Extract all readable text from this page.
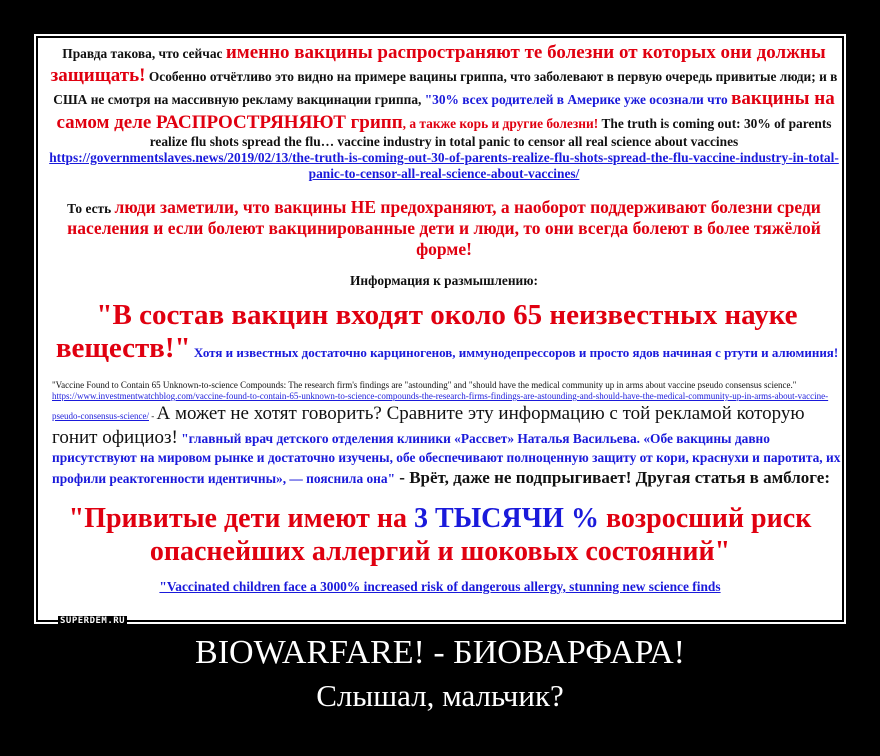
Правда такова, что сейчас именно вакцины распространяют те болезни от которых они должны защищать! Особенно отчётливо это видно на примере вацины гриппа, что заболевают в первую очередь привитые люди; и в США не смотря на массивную рекламу вакцинации гриппа, "30% всех родителей в Америке уже осознали что вакцины на самом деле РАСПРОСТРЯНЯЮТ грипп, а также корь и другие болезни! The truth is coming out: 30% of parents realize flu shots spread the flu… vaccine industry in total panic to censor all real science about vaccines https://governmentslaves.news/2019/02/13/the-truth-is-coming-out-30-of-parents-realize-flu-shots-spread-the-flu-vaccine-industry-in-total-panic-to-censor-all-real-science-about-vaccines/

То есть люди заметили, что вакцины НЕ предохраняют, а наоборот поддерживают болезни среди населения и если болеют вакцинированные дети и люди, то они всегда болеют в более тяжёлой форме!

Информация к размышлению:

"В состав вакцин входят около 65 неизвестных науке веществ!" Хотя и известных достаточно карциногенов, иммунодепрессоров и просто ядов начиная с ртути и алюминия!

"Vaccine Found to Contain 65 Unknown-to-science Compounds: The research firm's findings are "astounding" and "should have the medical community up in arms about vaccine pseudo consensus science." https://www.investmentwatchblog.com/vaccine-found-to-contain-65-unknown-to-science-compounds-the-research-firms-findings-are-astounding-and-should-have-the-medical-community-up-in-arms-about-vaccine-pseudo-consensus-science/ - А может не хотят говорить? Сравните эту информацию с той рекламой которую гонит официоз! "главный врач детского отделения клиники «Рассвет» Наталья Васильева. «Обе вакцины давно присутствуют на мировом рынке и достаточно изучены, обе обеспечивают полноценную защиту от кори, краснухи и паротита, их профили реактогенности идентичны», — пояснила она" - Врёт, даже не подпрыгивает! Другая статья в амблоге:

"Привитые дети имеют на 3 ТЫСЯЧИ % возросший риск опаснейших аллергий и шоковых состояний"

"Vaccinated children face a 3000% increased risk of dangerous allergy, stunning new science finds

SUPERDEM.RU
BIOWARFARE! - БИОВАРФАРА!
Слышал, мальчик?
